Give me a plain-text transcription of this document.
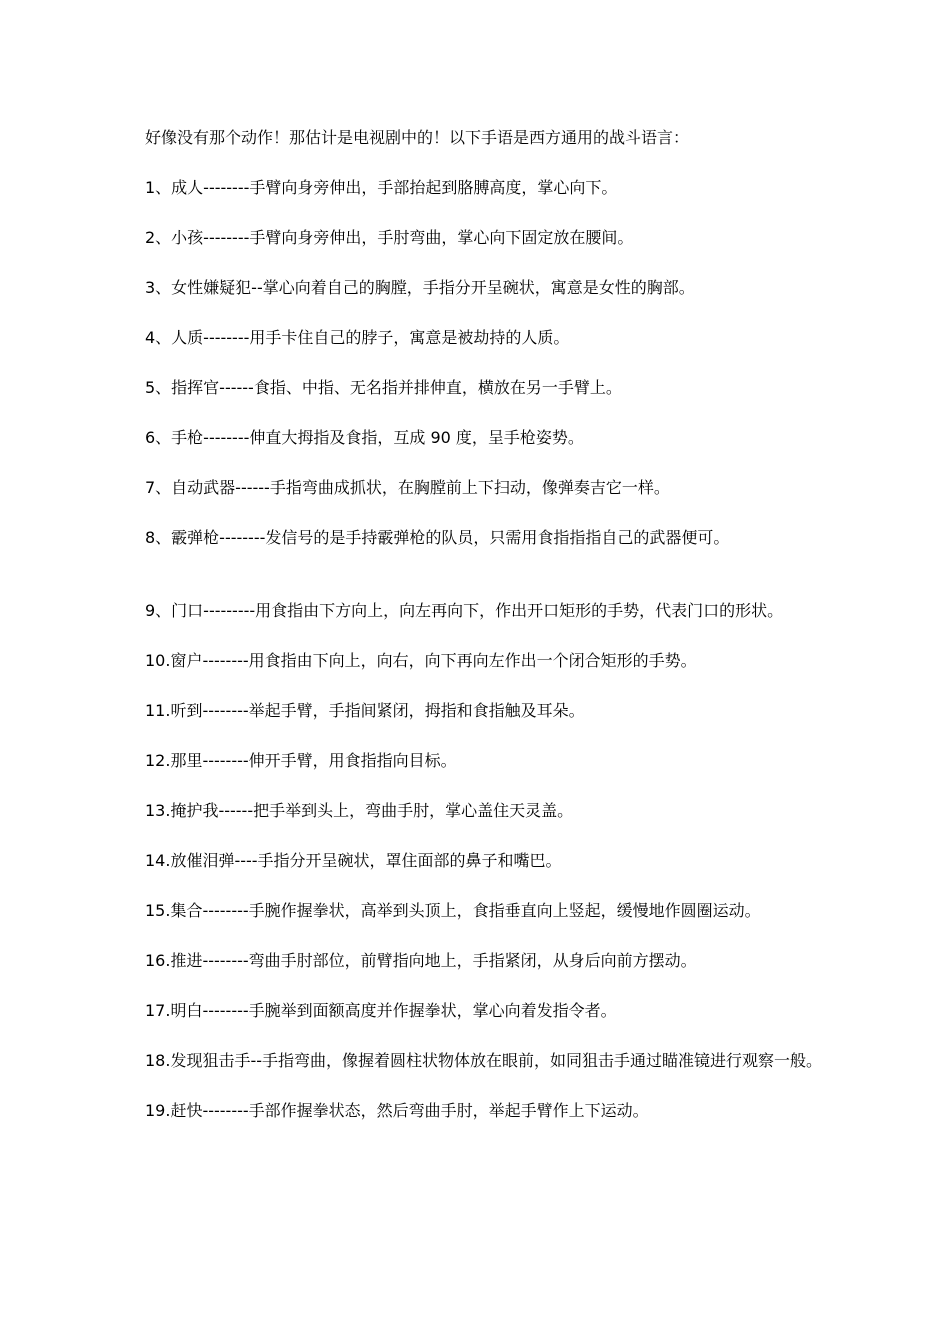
好像没有那个动作！那估计是电视剧中的！以下手语是西方通用的战斗语言：

1、成人--------手臂向身旁伸出，手部抬起到胳膊高度，掌心向下。

2、小孩--------手臂向身旁伸出，手肘弯曲，掌心向下固定放在腰间。

3、女性嫌疑犯--掌心向着自己的胸膛，手指分开呈碗状，寓意是女性的胸部。

4、人质--------用手卡住自己的脖子，寓意是被劫持的人质。

5、指挥官------食指、中指、无名指并排伸直，横放在另一手臂上。

6、手枪--------伸直大拇指及食指，互成 90 度，呈手枪姿势。

7、自动武器------手指弯曲成抓状，在胸膛前上下扫动，像弹奏吉它一样。

8、霰弹枪--------发信号的是手持霰弹枪的队员，只需用食指指指自己的武器便可。

9、门口---------用食指由下方向上，向左再向下，作出开口矩形的手势，代表门口的形状。

10.窗户--------用食指由下向上，向右，向下再向左作出一个闭合矩形的手势。

11.听到--------举起手臂，手指间紧闭，拇指和食指触及耳朵。

12.那里--------伸开手臂，用食指指向目标。

13.掩护我------把手举到头上，弯曲手肘，掌心盖住天灵盖。

14.放催泪弹----手指分开呈碗状，罩住面部的鼻子和嘴巴。

15.集合--------手腕作握拳状，高举到头顶上，食指垂直向上竖起，缓慢地作圆圈运动。

16.推进--------弯曲手肘部位，前臂指向地上，手指紧闭，从身后向前方摆动。

17.明白--------手腕举到面额高度并作握拳状，掌心向着发指令者。

18.发现狙击手--手指弯曲，像握着圆柱状物体放在眼前，如同狙击手通过瞄准镜进行观察一般。

19.赶快--------手部作握拳状态，然后弯曲手肘，举起手臂作上下运动。
